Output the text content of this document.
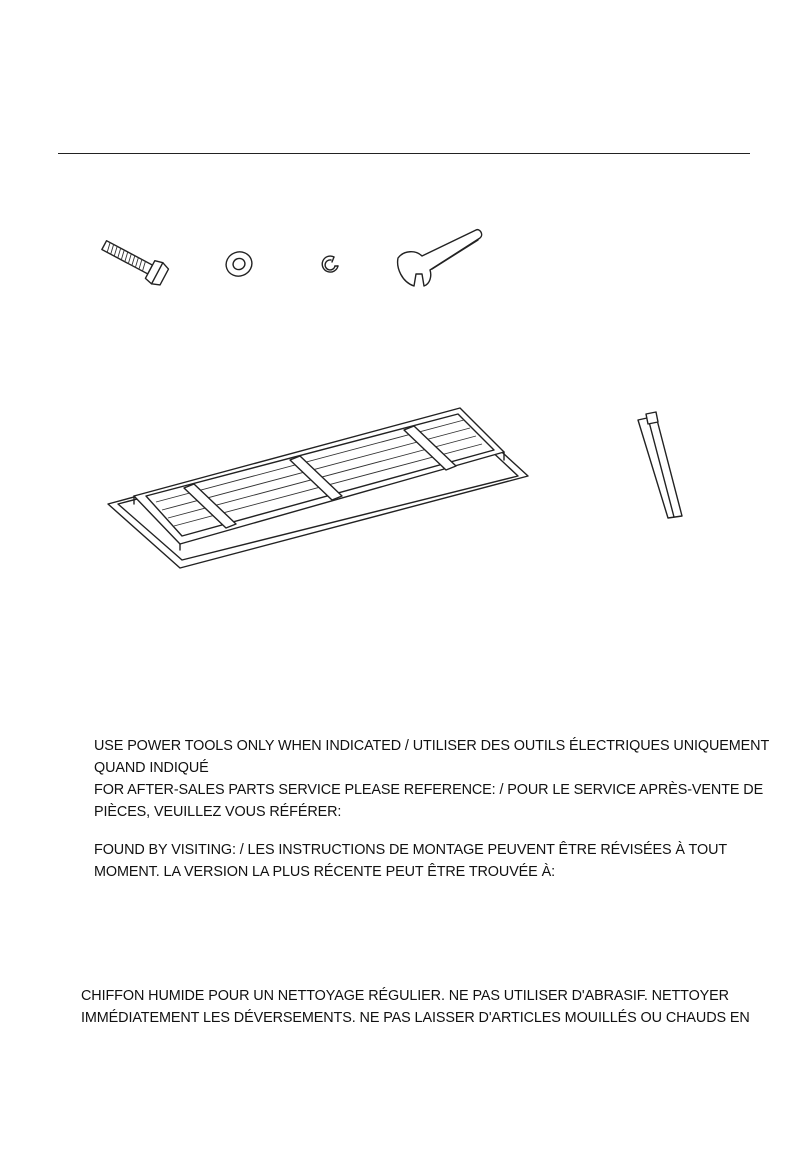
USE POWER TOOLS ONLY WHEN INDICATED / UTILISER DES OUTILS ÉLECTRIQUES UNIQUEMENT
QUAND INDIQUÉ
FOR AFTER-SALES PARTS SERVICE PLEASE REFERENCE: / POUR LE SERVICE APRÈS-VENTE DE
PIÈCES, VEUILLEZ VOUS RÉFÉRER:

FOUND BY VISITING: / LES INSTRUCTIONS DE MONTAGE PEUVENT ÊTRE RÉVISÉES À TOUT
MOMENT. LA VERSION LA PLUS RÉCENTE PEUT ÊTRE TROUVÉE À:

CHIFFON HUMIDE POUR UN NETTOYAGE RÉGULIER. NE PAS UTILISER D'ABRASIF. NETTOYER
IMMÉDIATEMENT LES DÉVERSEMENTS. NE PAS LAISSER D'ARTICLES MOUILLÉS OU CHAUDS EN
